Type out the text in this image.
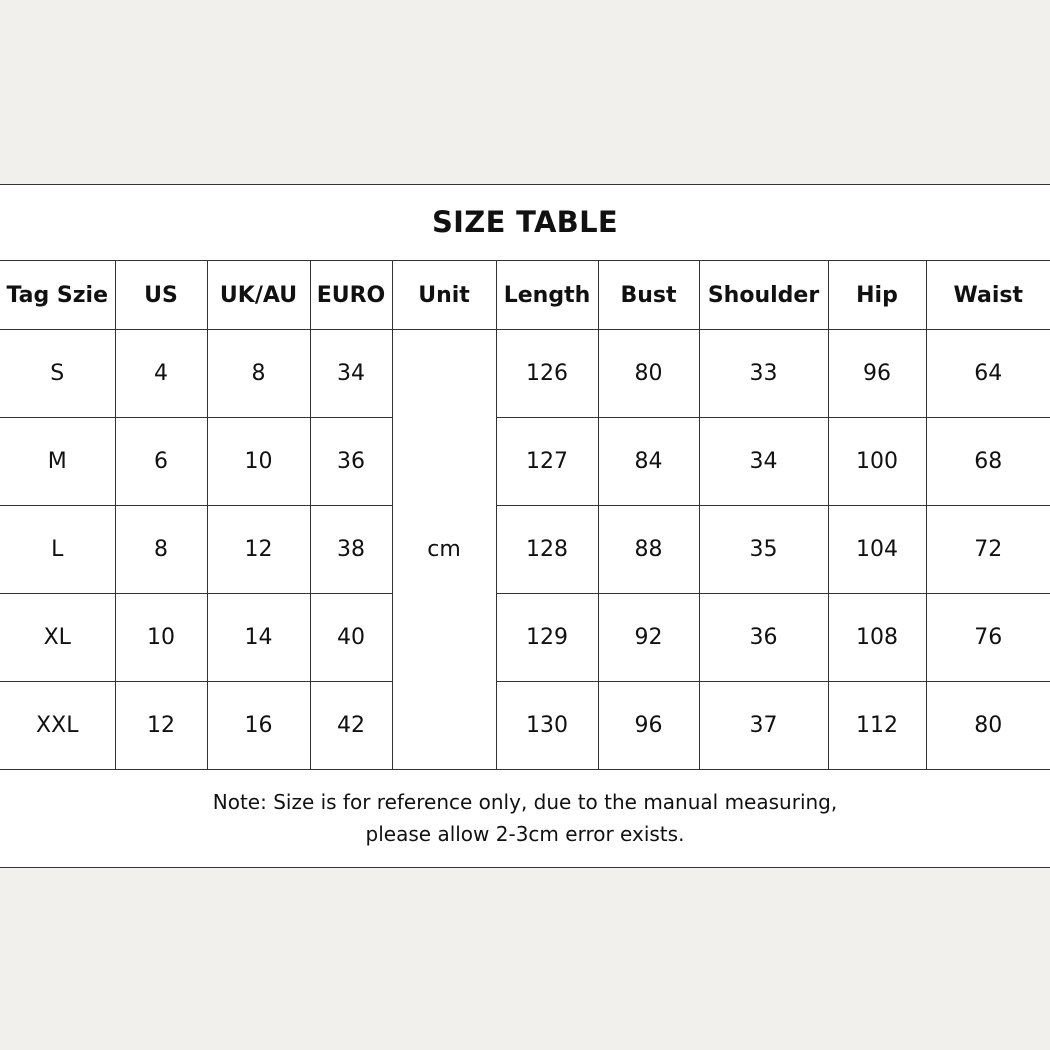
SIZE TABLE
Tag Szie	US	UK/AU	EURO	Unit	Length	Bust	Shoulder	Hip	Waist
S	4	8	34	cm	126	80	33	96	64
M	6	10	36		127	84	34	100	68
L	8	12	38		128	88	35	104	72
XL	10	14	40		129	92	36	108	76
XXL	12	16	42		130	96	37	112	80
Note: Size is for reference only, due to the manual measuring,
please allow 2-3cm error exists.
